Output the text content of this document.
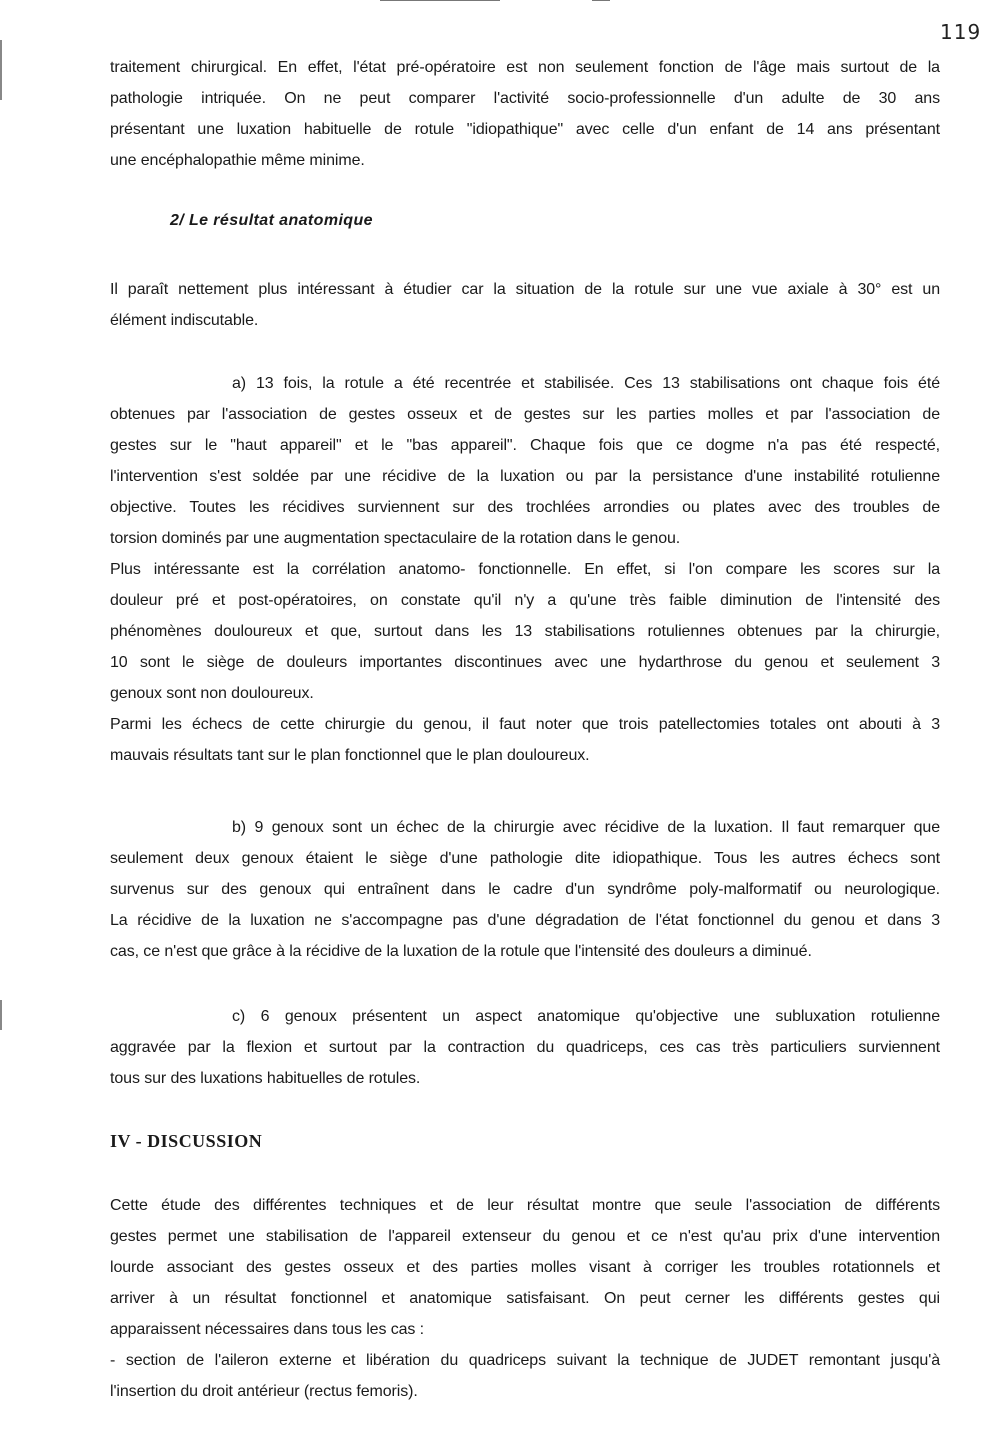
119
traitement chirurgical. En effet, l'état pré-opératoire est non seulement fonction de l'âge mais surtout de la
pathologie intriquée. On ne peut comparer l'activité socio-professionnelle d'un adulte de 30 ans
présentant une luxation habituelle de rotule "idiopathique" avec celle d'un enfant de 14 ans présentant
une encéphalopathie même minime.
2/ Le résultat anatomique
Il paraît nettement plus intéressant à étudier car la situation de la rotule sur une vue axiale à 30° est un
élément indiscutable.
a) 13 fois, la rotule a été recentrée et stabilisée. Ces 13 stabilisations ont chaque fois été
obtenues par l'association de gestes osseux et de gestes sur les parties molles et par l'association de
gestes sur le "haut appareil" et le "bas appareil". Chaque fois que ce dogme n'a pas été respecté,
l'intervention s'est soldée par une récidive de la luxation ou par la persistance d'une instabilité rotulienne
objective. Toutes les récidives surviennent sur des trochlées arrondies ou plates avec des troubles de
torsion dominés par une augmentation spectaculaire de la rotation dans le genou.
Plus intéressante est la corrélation anatomo- fonctionnelle. En effet, si l'on compare les scores sur la
douleur pré et post-opératoires, on constate qu'il n'y a qu'une très faible diminution de l'intensité des
phénomènes douloureux et que, surtout dans les 13 stabilisations rotuliennes obtenues par la chirurgie,
10 sont le siège de douleurs importantes discontinues avec une hydarthrose du genou et seulement 3
genoux sont non douloureux.
Parmi les échecs de cette chirurgie du genou, il faut noter que trois patellectomies totales ont abouti à 3
mauvais résultats tant sur le plan fonctionnel que le plan douloureux.
b) 9 genoux sont un échec de la chirurgie avec récidive de la luxation. Il faut remarquer que
seulement deux genoux étaient le siège d'une pathologie dite idiopathique. Tous les autres échecs sont
survenus sur des genoux qui entraînent dans le cadre d'un syndrôme poly-malformatif ou neurologique.
La récidive de la luxation ne s'accompagne pas d'une dégradation de l'état fonctionnel du genou et dans 3
cas, ce n'est que grâce à la récidive de la luxation de la rotule que l'intensité des douleurs a diminué.
c) 6 genoux présentent un aspect anatomique qu'objective une subluxation rotulienne
aggravée par la flexion et surtout par la contraction du quadriceps, ces cas très particuliers surviennent
tous sur des luxations habituelles de rotules.
IV - DISCUSSION
Cette étude des différentes techniques et de leur résultat montre que seule l'association de différents
gestes permet une stabilisation de l'appareil extenseur du genou et ce n'est qu'au prix d'une intervention
lourde associant des gestes osseux et des parties molles visant à corriger les troubles rotationnels et
arriver à un résultat fonctionnel et anatomique satisfaisant. On peut cerner les différents gestes qui
apparaissent nécessaires dans tous les cas :
- section de l'aileron externe et libération du quadriceps suivant la technique de JUDET remontant jusqu'à
l'insertion du droit antérieur (rectus femoris).
